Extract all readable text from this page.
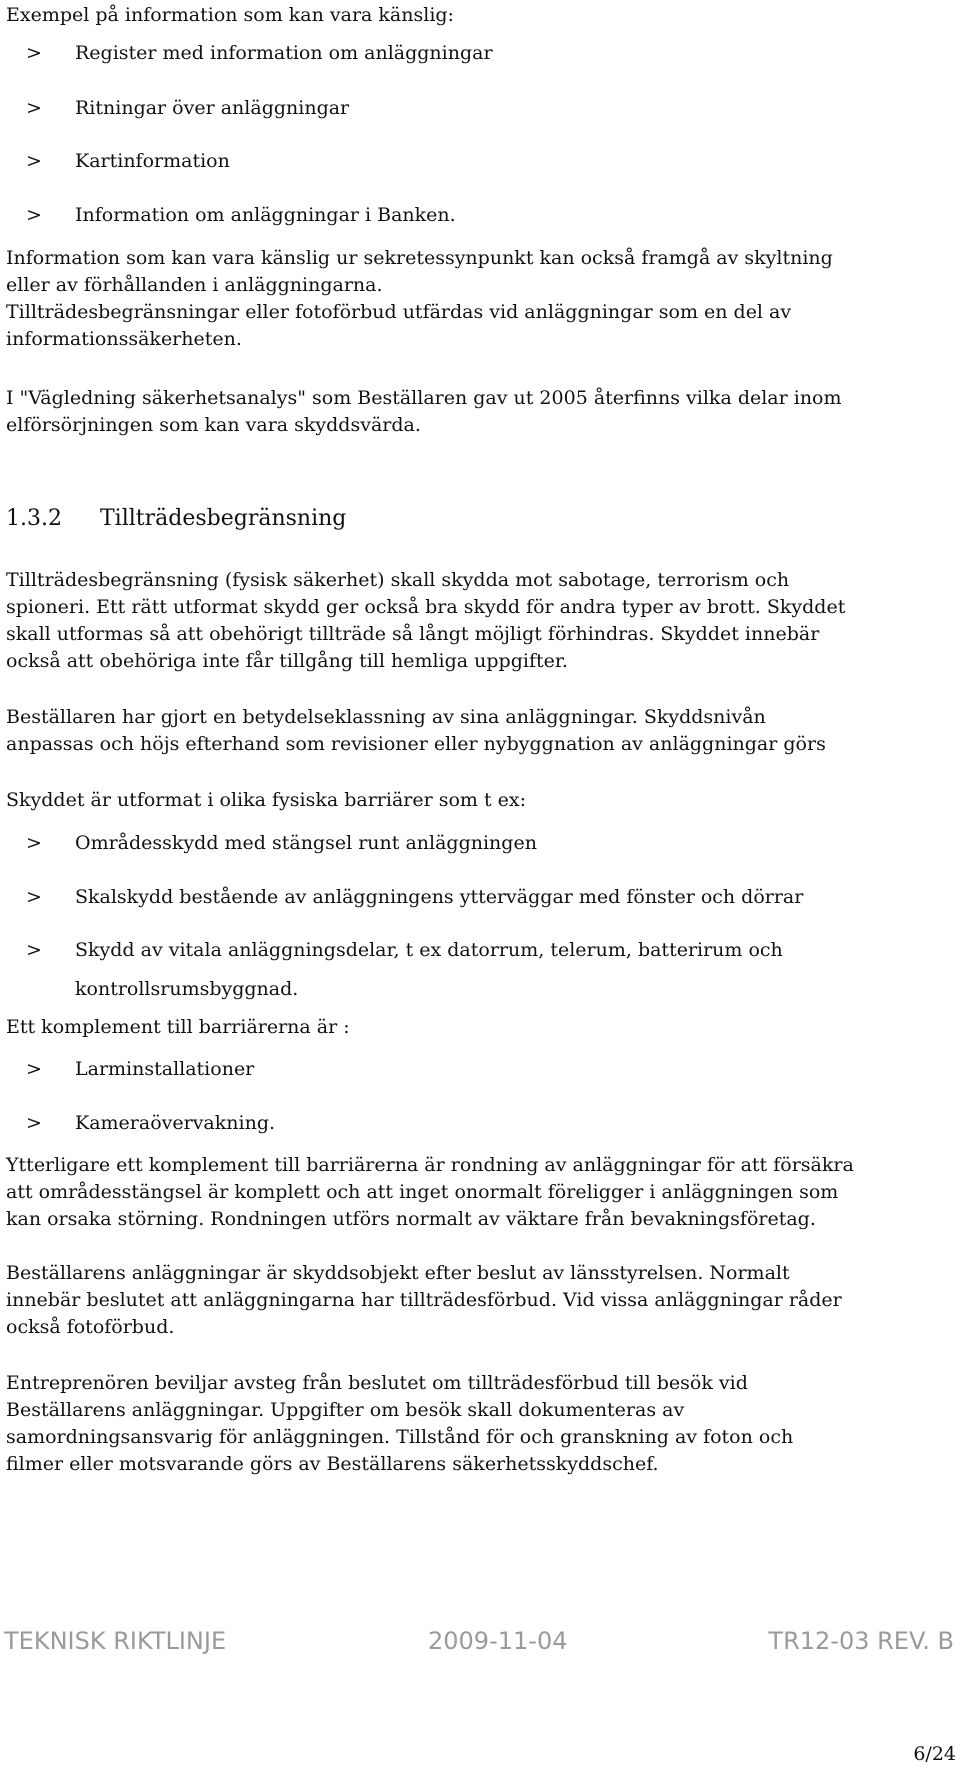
Exempel på information som kan vara känslig:
> Register med information om anläggningar
> Ritningar över anläggningar
> Kartinformation
> Information om anläggningar i Banken.
Information som kan vara känslig ur sekretessynpunkt kan också framgå av skyltning
eller av förhållanden i anläggningarna.
Tillträdesbegränsningar eller fotoförbud utfärdas vid anläggningar som en del av
informationssäkerheten.
I "Vägledning säkerhetsanalys" som Beställaren gav ut 2005 återfinns vilka delar inom
elförsörjningen som kan vara skyddsvärda.
1.3.2 Tillträdesbegränsning
Tillträdesbegränsning (fysisk säkerhet) skall skydda mot sabotage, terrorism och
spioneri. Ett rätt utformat skydd ger också bra skydd för andra typer av brott. Skyddet
skall utformas så att obehörigt tillträde så långt möjligt förhindras. Skyddet innebär
också att obehöriga inte får tillgång till hemliga uppgifter.
Beställaren har gjort en betydelseklassning av sina anläggningar. Skyddsnivån
anpassas och höjs efterhand som revisioner eller nybyggnation av anläggningar görs
Skyddet är utformat i olika fysiska barriärer som t ex:
> Områdesskydd med stängsel runt anläggningen
> Skalskydd bestående av anläggningens ytterväggar med fönster och dörrar
> Skydd av vitala anläggningsdelar, t ex datorrum, telerum, batterirum och
kontrollsrumsbyggnad.
Ett komplement till barriärerna är :
> Larminstallationer
> Kameraövervakning.
Ytterligare ett komplement till barriärerna är rondning av anläggningar för att försäkra
att områdesstängsel är komplett och att inget onormalt föreligger i anläggningen som
kan orsaka störning. Rondningen utförs normalt av väktare från bevakningsföretag.
Beställarens anläggningar är skyddsobjekt efter beslut av länsstyrelsen. Normalt
innebär beslutet att anläggningarna har tillträdesförbud. Vid vissa anläggningar råder
också fotoförbud.
Entreprenören beviljar avsteg från beslutet om tillträdesförbud till besök vid
Beställarens anläggningar. Uppgifter om besök skall dokumenteras av
samordningsansvarig för anläggningen. Tillstånd för och granskning av foton och
filmer eller motsvarande görs av Beställarens säkerhetsskyddschef.
TEKNISK RIKTLINJE	2009-11-04	TR12-03 REV. B
6/24
